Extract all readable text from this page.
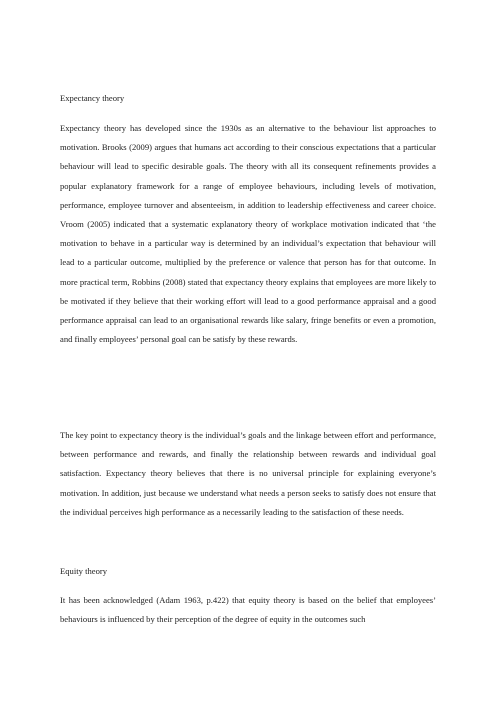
Expectancy theory

Expectancy theory has developed since the 1930s as an alternative to the behaviour list approaches to motivation. Brooks (2009) argues that humans act according to their conscious expectations that a particular behaviour will lead to specific desirable goals. The theory with all its consequent refinements provides a popular explanatory framework for a range of employee behaviours, including levels of motivation, performance, employee turnover and absenteeism, in addition to leadership effectiveness and career choice. Vroom (2005) indicated that a systematic explanatory theory of workplace motivation indicated that ‘the motivation to behave in a particular way is determined by an individual’s expectation that behaviour will lead to a particular outcome, multiplied by the preference or valence that person has for that outcome. In more practical term, Robbins (2008) stated that expectancy theory explains that employees are more likely to be motivated if they believe that their working effort will lead to a good performance appraisal and a good performance appraisal can lead to an organisational rewards like salary, fringe benefits or even a promotion, and finally employees’ personal goal can be satisfy by these rewards.

The key point to expectancy theory is the individual’s goals and the linkage between effort and performance, between performance and rewards, and finally the relationship between rewards and individual goal satisfaction. Expectancy theory believes that there is no universal principle for explaining everyone’s motivation. In addition, just because we understand what needs a person seeks to satisfy does not ensure that the individual perceives high performance as a necessarily leading to the satisfaction of these needs.

Equity theory

It has been acknowledged (Adam 1963, p.422) that equity theory is based on the belief that employees’ behaviours is influenced by their perception of the degree of equity in the outcomes such
